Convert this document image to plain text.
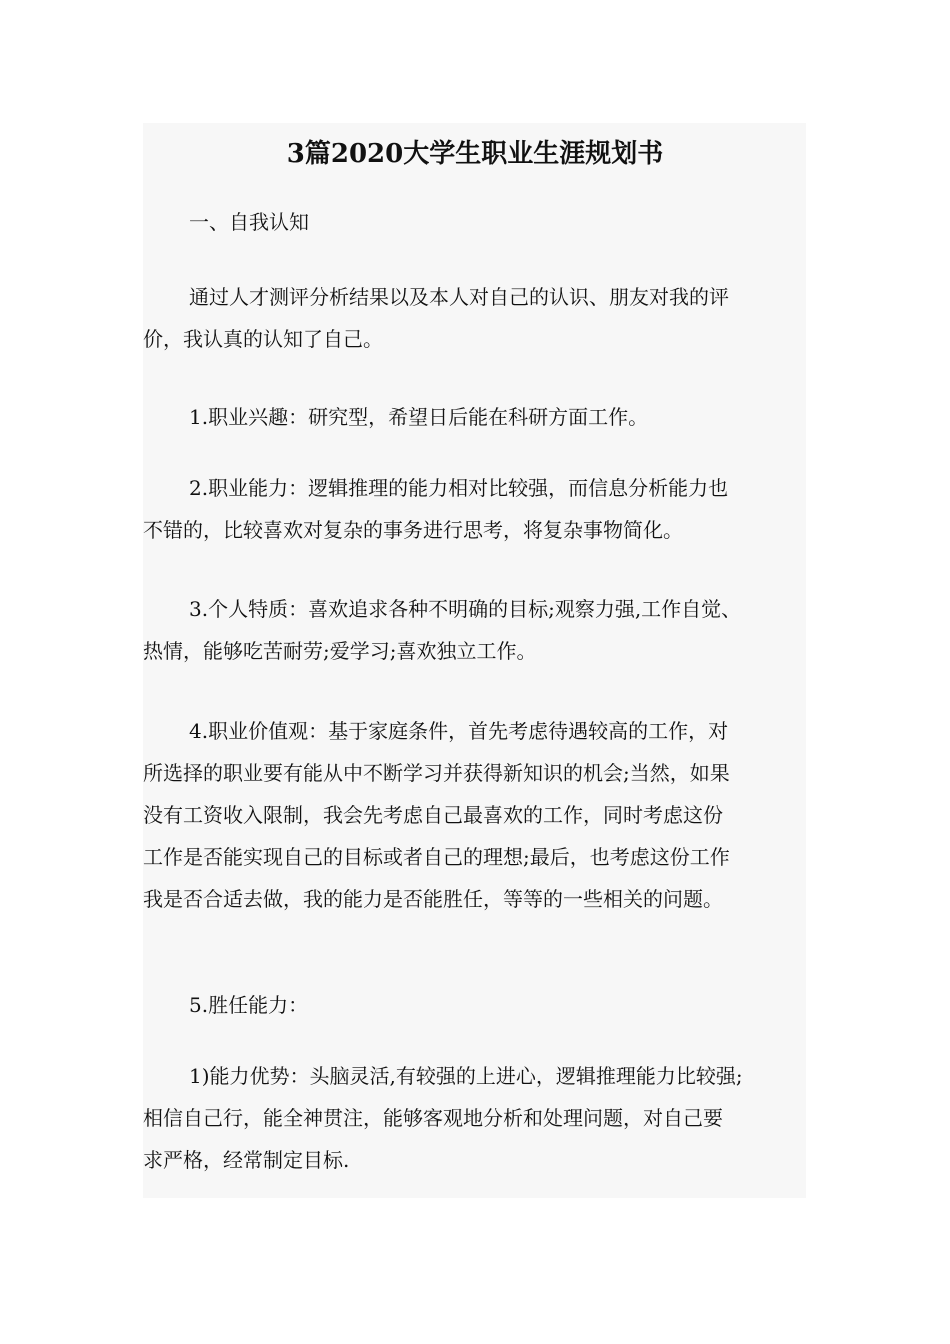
3篇2020大学生职业生涯规划书

一、自我认知

通过人才测评分析结果以及本人对自己的认识、朋友对我的评
价，我认真的认知了自己。

1.职业兴趣：研究型，希望日后能在科研方面工作。

2.职业能力：逻辑推理的能力相对比较强，而信息分析能力也
不错的，比较喜欢对复杂的事务进行思考，将复杂事物简化。

3.个人特质：喜欢追求各种不明确的目标;观察力强,工作自觉、
热情，能够吃苦耐劳;爱学习;喜欢独立工作。

4.职业价值观：基于家庭条件，首先考虑待遇较高的工作，对
所选择的职业要有能从中不断学习并获得新知识的机会;当然，如果
没有工资收入限制，我会先考虑自己最喜欢的工作，同时考虑这份
工作是否能实现自己的目标或者自己的理想;最后，也考虑这份工作
我是否合适去做，我的能力是否能胜任，等等的一些相关的问题。

5.胜任能力：

1)能力优势：头脑灵活,有较强的上进心，逻辑推理能力比较强;
相信自己行，能全神贯注，能够客观地分析和处理问题，对自己要
求严格，经常制定目标.
